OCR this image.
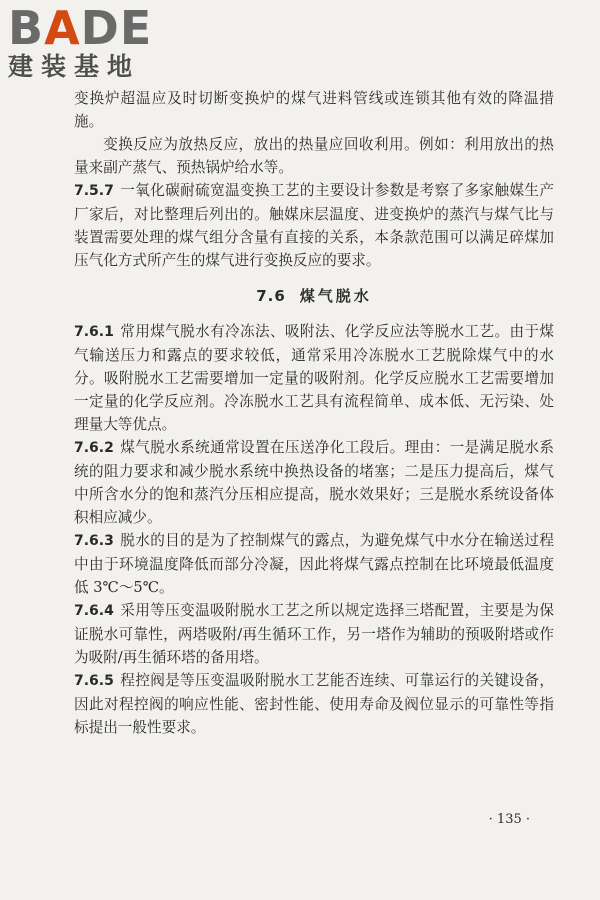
BADE
建装基地

变换炉超温应及时切断变换炉的煤气进料管线或连锁其他有效的降温措施。

变换反应为放热反应，放出的热量应回收利用。例如：利用放出的热量来副产蒸气、预热锅炉给水等。

7.5.7 一氧化碳耐硫宽温变换工艺的主要设计参数是考察了多家触媒生产厂家后，对比整理后列出的。触媒床层温度、进变换炉的蒸汽与煤气比与装置需要处理的煤气组分含量有直接的关系，本条款范围可以满足碎煤加压气化方式所产生的煤气进行变换反应的要求。

7.6 煤气脱水

7.6.1 常用煤气脱水有冷冻法、吸附法、化学反应法等脱水工艺。由于煤气输送压力和露点的要求较低，通常采用冷冻脱水工艺脱除煤气中的水分。吸附脱水工艺需要增加一定量的吸附剂。化学反应脱水工艺需要增加一定量的化学反应剂。冷冻脱水工艺具有流程简单、成本低、无污染、处理量大等优点。

7.6.2 煤气脱水系统通常设置在压送净化工段后。理由：一是满足脱水系统的阻力要求和减少脱水系统中换热设备的堵塞；二是压力提高后，煤气中所含水分的饱和蒸汽分压相应提高，脱水效果好；三是脱水系统设备体积相应减少。

7.6.3 脱水的目的是为了控制煤气的露点，为避免煤气中水分在输送过程中由于环境温度降低而部分冷凝，因此将煤气露点控制在比环境最低温度低 3℃～5℃。

7.6.4 采用等压变温吸附脱水工艺之所以规定选择三塔配置，主要是为保证脱水可靠性，两塔吸附/再生循环工作，另一塔作为辅助的预吸附塔或作为吸附/再生循环塔的备用塔。

7.6.5 程控阀是等压变温吸附脱水工艺能否连续、可靠运行的关键设备，因此对程控阀的响应性能、密封性能、使用寿命及阀位显示的可靠性等指标提出一般性要求。

· 135 ·
